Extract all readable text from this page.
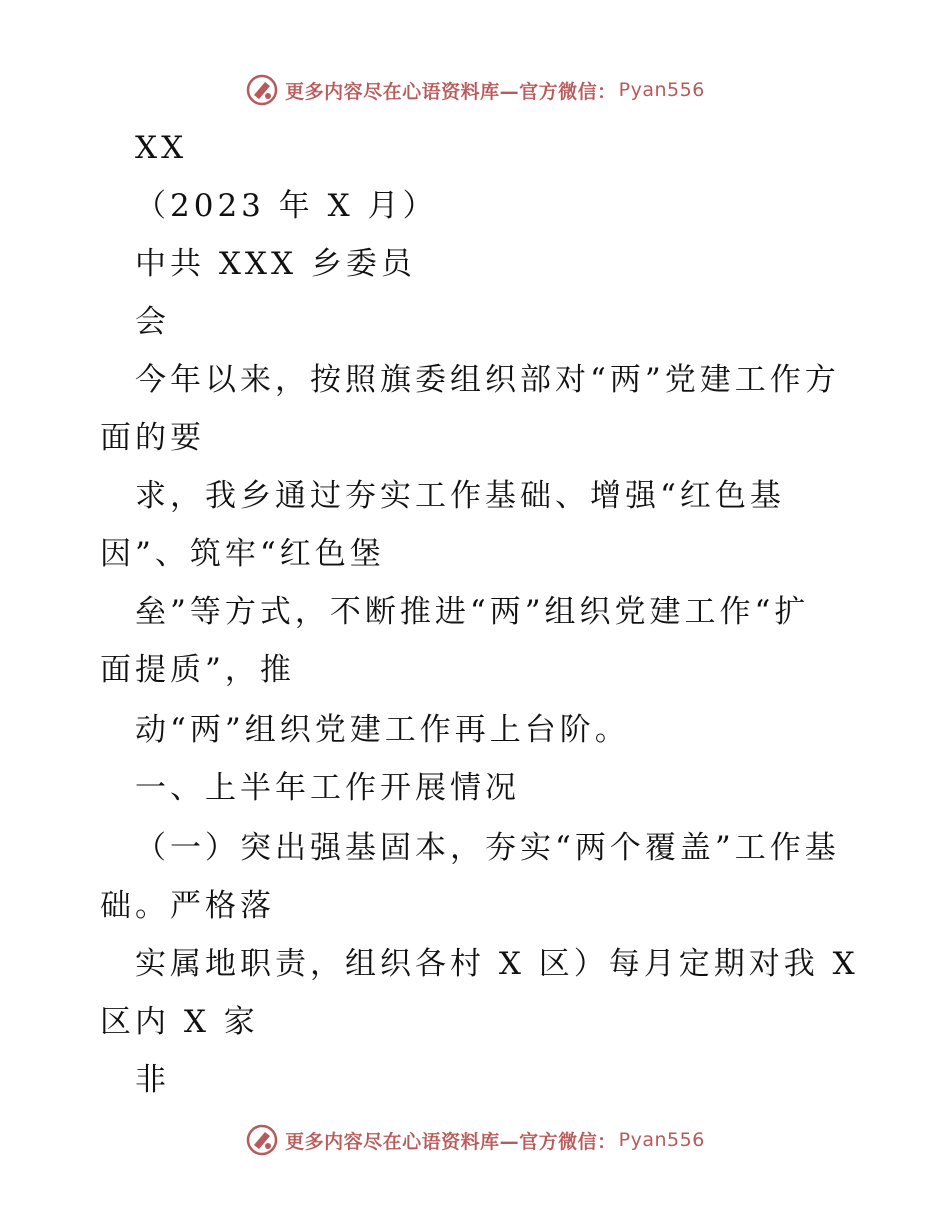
更多内容尽在心语资料库—官方微信： Pyan556
XX
（2023 年 X 月）
中共 XXX 乡委员
会
今年以来，按照旗委组织部对“两”党建工作方
面的要
求，我乡通过夯实工作基础、增强“红色基
因”、筑牢“红色堡
垒”等方式，不断推进“两”组织党建工作“扩
面提质”，推
动“两”组织党建工作再上台阶。
一、上半年工作开展情况
（一）突出强基固本，夯实“两个覆盖”工作基
础。严格落
实属地职责，组织各村 X 区）每月定期对我 X
区内 X 家
非
更多内容尽在心语资料库—官方微信： Pyan556
